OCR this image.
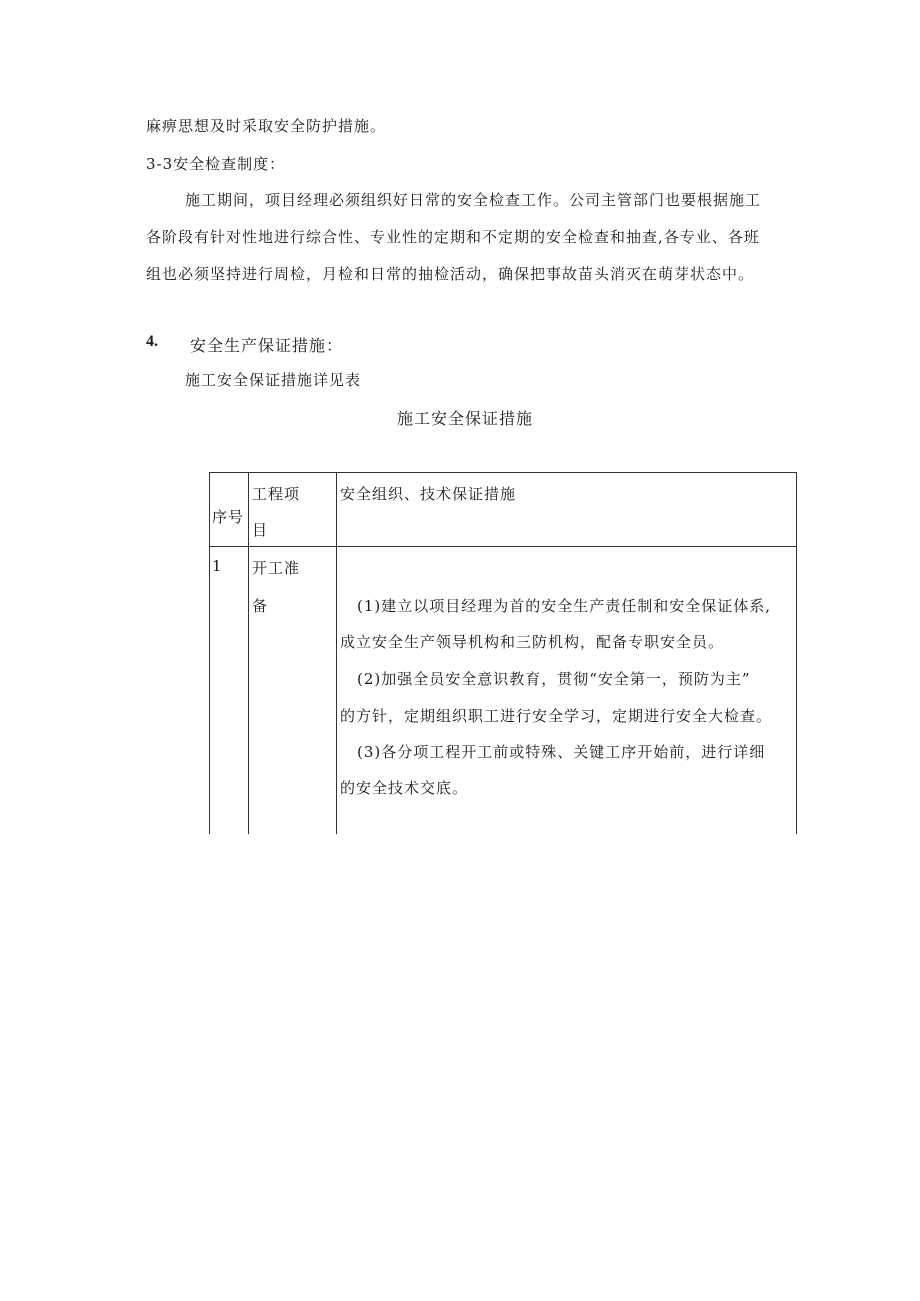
麻痹思想及时采取安全防护措施。
3-3安全检查制度：
施工期间，项目经理必须组织好日常的安全检查工作。公司主管部门也要根据施工
各阶段有针对性地进行综合性、专业性的定期和不定期的安全检查和抽查,各专业、各班
组也必须坚持进行周检，月检和日常的抽检活动，确保把事故苗头消灭在萌芽状态中。
4. 安全生产保证措施：
施工安全保证措施详见表
施工安全保证措施
序号
工程项
目
安全组织、技术保证措施
1 开工准
备	(1)建立以项目经理为首的安全生产责任制和安全保证体系,
成立安全生产领导机构和三防机构，配备专职安全员。
(2)加强全员安全意识教育，贯彻“安全第一，预防为主”
的方针，定期组织职工进行安全学习，定期进行安全大检查。
(3)各分项工程开工前或特殊、关键工序开始前，进行详细
的安全技术交底。
